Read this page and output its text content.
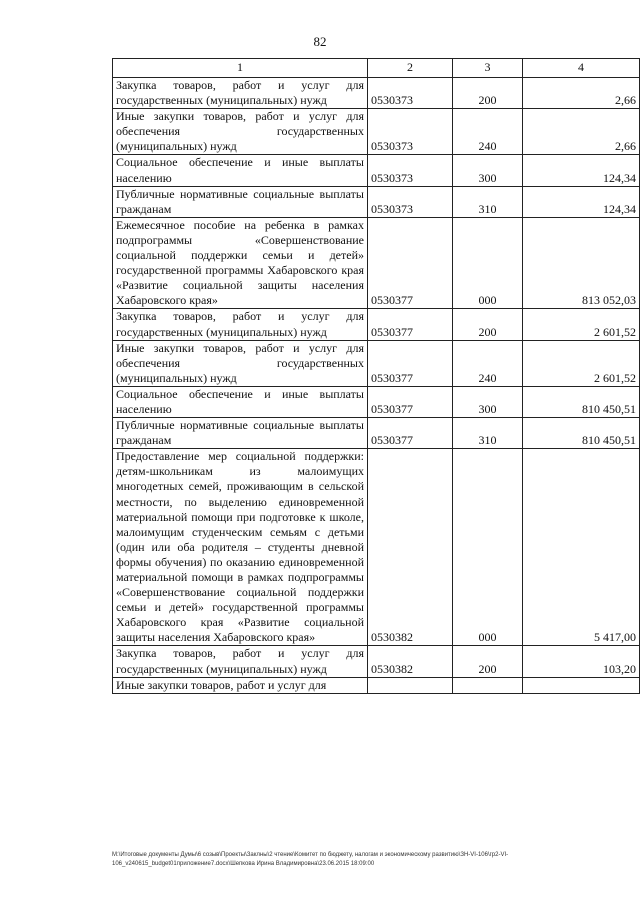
82
1	2	3	4
Закупка товаров, работ и услуг для государственных (муниципальных) нужд	0530373	200	2,66
Иные закупки товаров, работ и услуг для обеспечения государственных (муниципальных) нужд	0530373	240	2,66
Социальное обеспечение и иные выплаты населению	0530373	300	124,34
Публичные нормативные социальные выплаты гражданам	0530373	310	124,34
Ежемесячное пособие на ребенка в рамках подпрограммы «Совершенствование социальной поддержки семьи и детей» государственной программы Хабаровского края «Развитие социальной защиты населения Хабаровского края»	0530377	000	813 052,03
Закупка товаров, работ и услуг для государственных (муниципальных) нужд	0530377	200	2 601,52
Иные закупки товаров, работ и услуг для обеспечения государственных (муниципальных) нужд	0530377	240	2 601,52
Социальное обеспечение и иные выплаты населению	0530377	300	810 450,51
Публичные нормативные социальные выплаты гражданам	0530377	310	810 450,51
Предоставление мер социальной поддержки: детям-школьникам из малоимущих многодетных семей, проживающим в сельской местности, по выделению единовременной материальной помощи при подготовке к школе, малоимущим студенческим семьям с детьми (один или оба родителя – студенты дневной формы обучения) по оказанию единовременной материальной помощи в рамках подпрограммы «Совершенствование социальной поддержки семьи и детей» государственной программы Хабаровского края «Развитие социальной защиты населения Хабаровского края»	0530382	000	5 417,00
Закупка товаров, работ и услуг для государственных (муниципальных) нужд	0530382	200	103,20
Иные закупки товаров, работ и услуг для			
M:\Итоговые документы Думы\6 созыв\Проекты\Заклны\2 чтение\Комитет по бюджету, налогам и экономическому развитию\ЗН-VI-106\гр2-VI-
106_v240615_budget01приложение7.docx\Шепкова Ирина Владимировна\23.06.2015 18:09:00
